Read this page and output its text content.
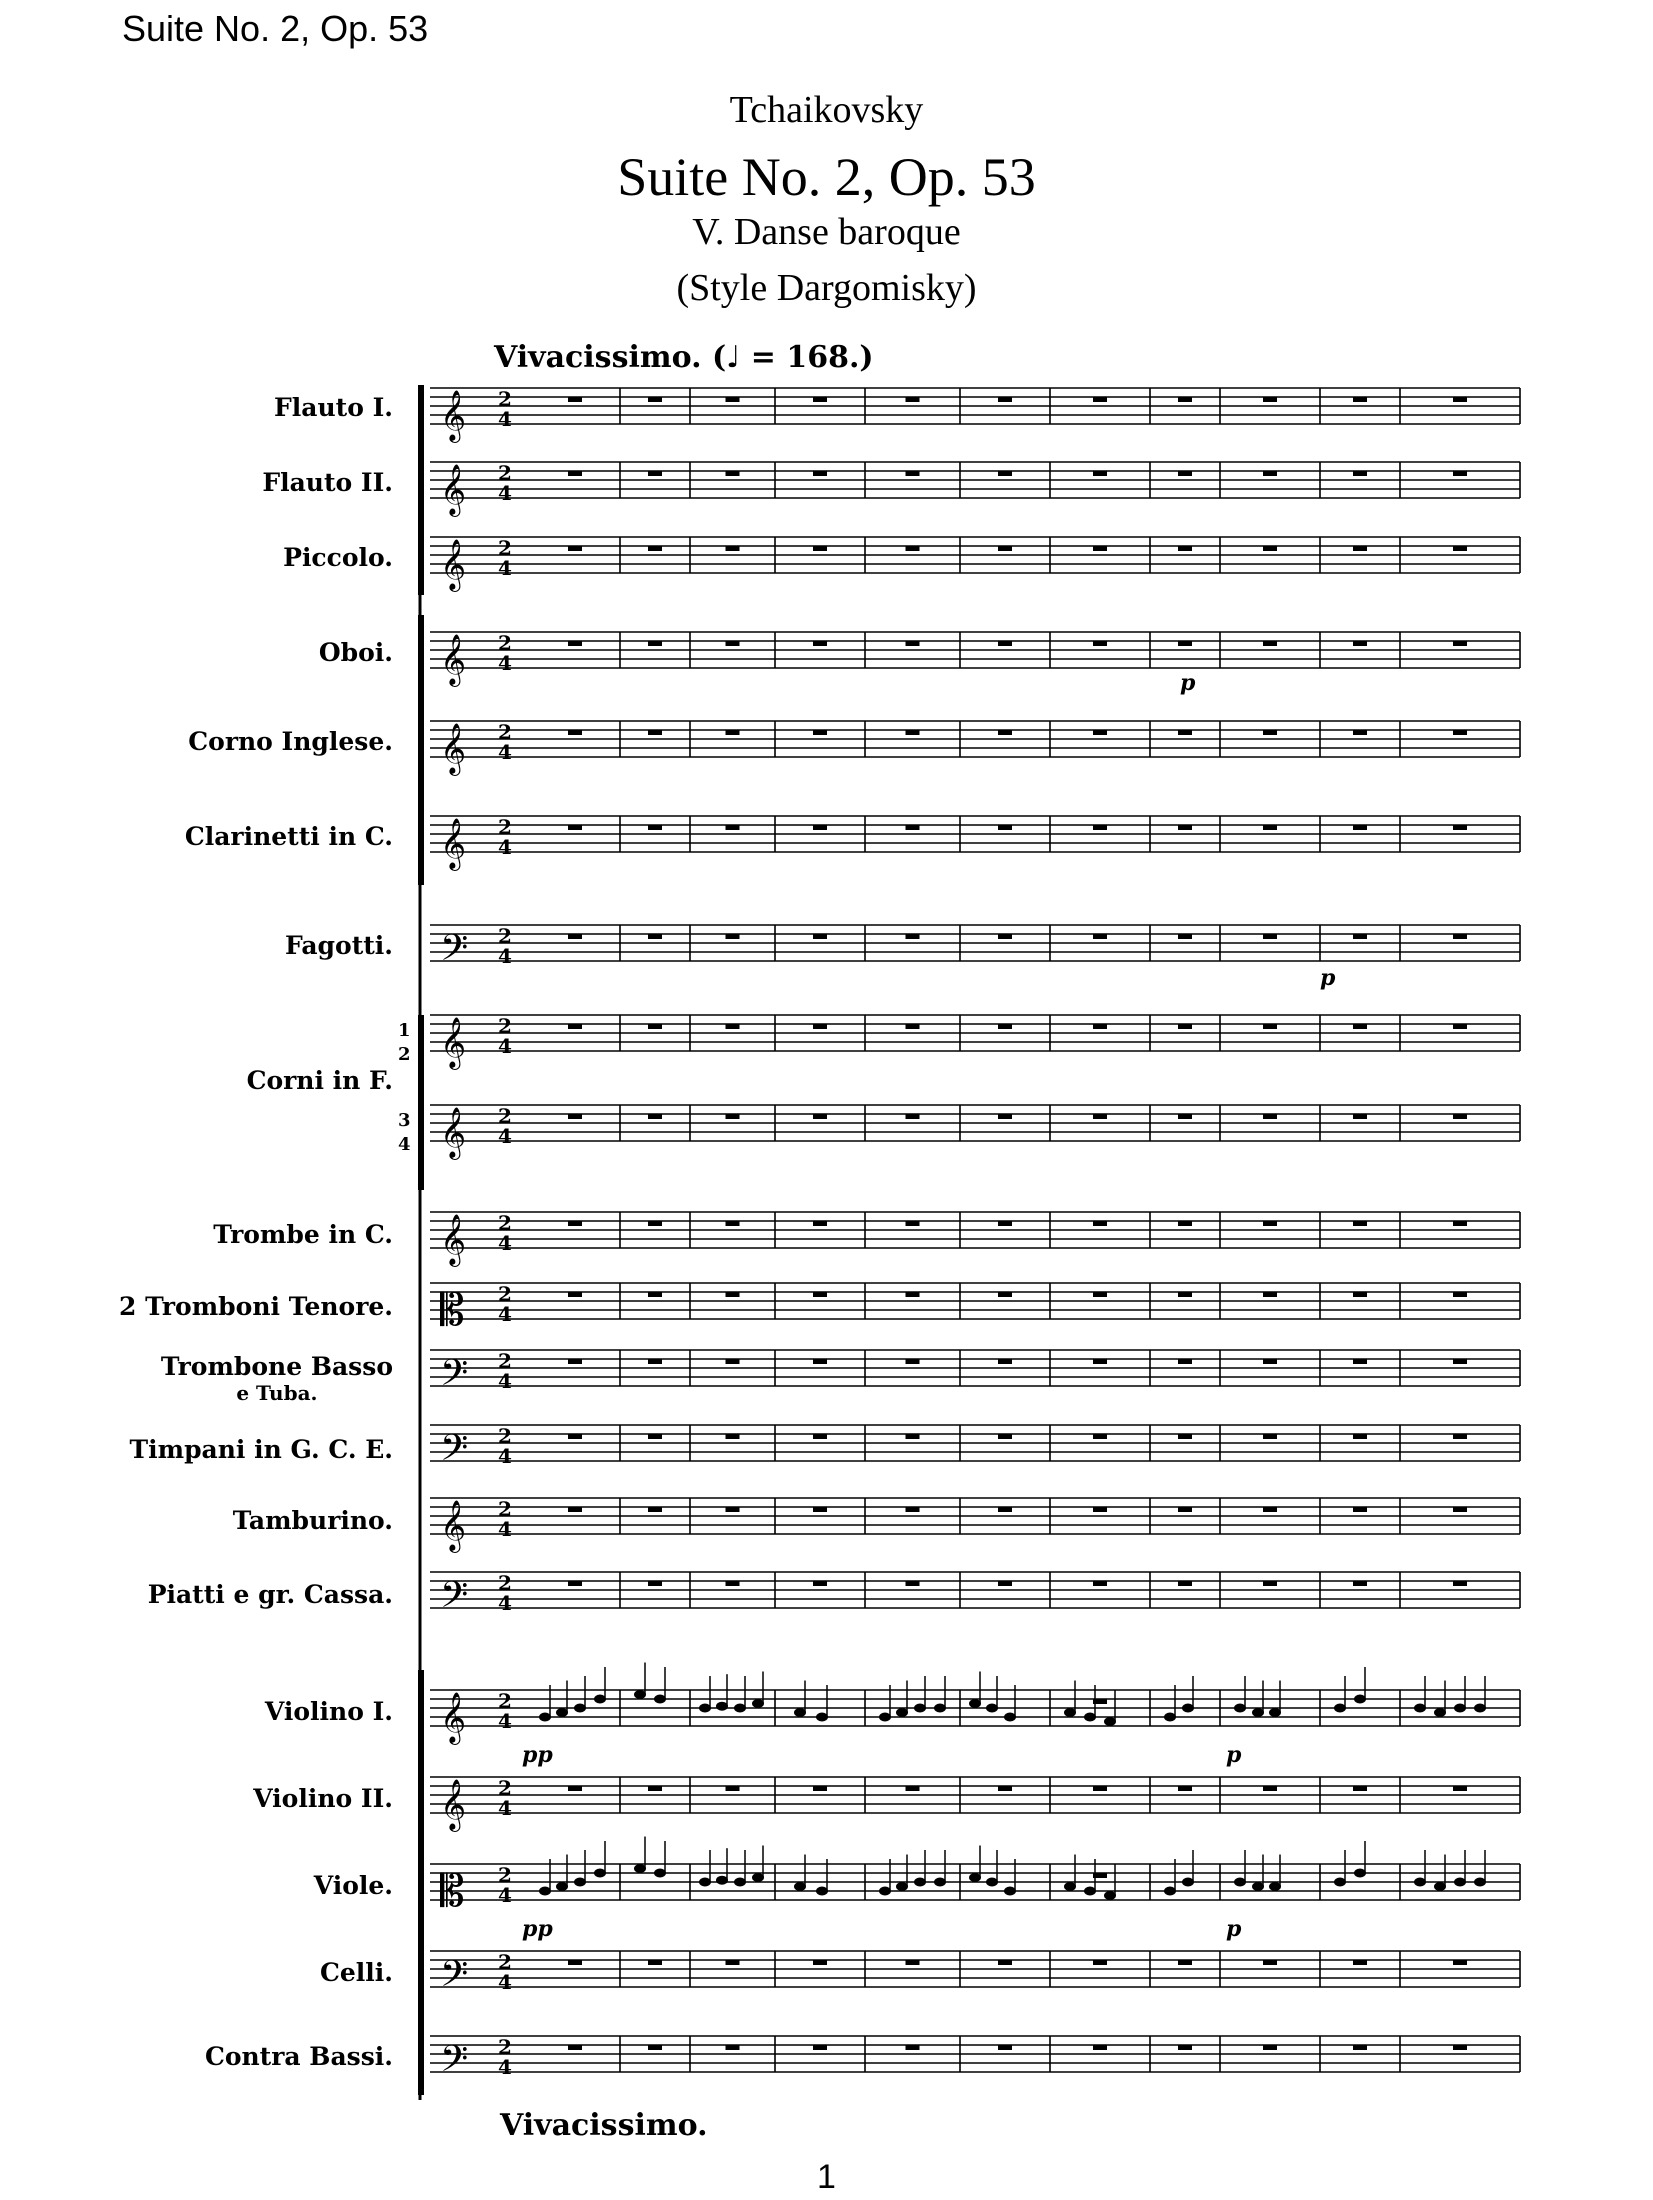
Suite No. 2, Op. 53
Tchaikovsky
Suite No. 2, Op. 53
V. Danse baroque
(Style Dargomisky)
Vivacissimo. (♩ = 168.)
Flauto I.
Flauto II.
Piccolo.
Oboi.
Corno Inglese.
Clarinetti in C.
Fagotti.
Corni in F.
Trombe in C.
2 Tromboni Tenore.
Trombone Basso
e Tuba.
Timpani in G. C. E.
Tamburino.
Piatti e gr. Cassa.
Violino I.
Violino II.
Viole.
Celli.
Contra Bassi.
𝄞 2
4
𝄞 2
4
𝄞 2
4
𝄞 2
4
𝄞 2
4
𝄞 2
4
𝄢 2
4
𝄞 2
4
𝄞 2
4
𝄞 2
4
𝄡 2
4
𝄢 2
4
𝄢 2
4
𝄞 2
4
𝄢 2
4
𝄞 2
4
𝄞 2
4
𝄡 2
4
𝄢 2
4
𝄢 2
4
1
2
3
4
pp
pp
p
p
p
p
Vivacissimo.
1
